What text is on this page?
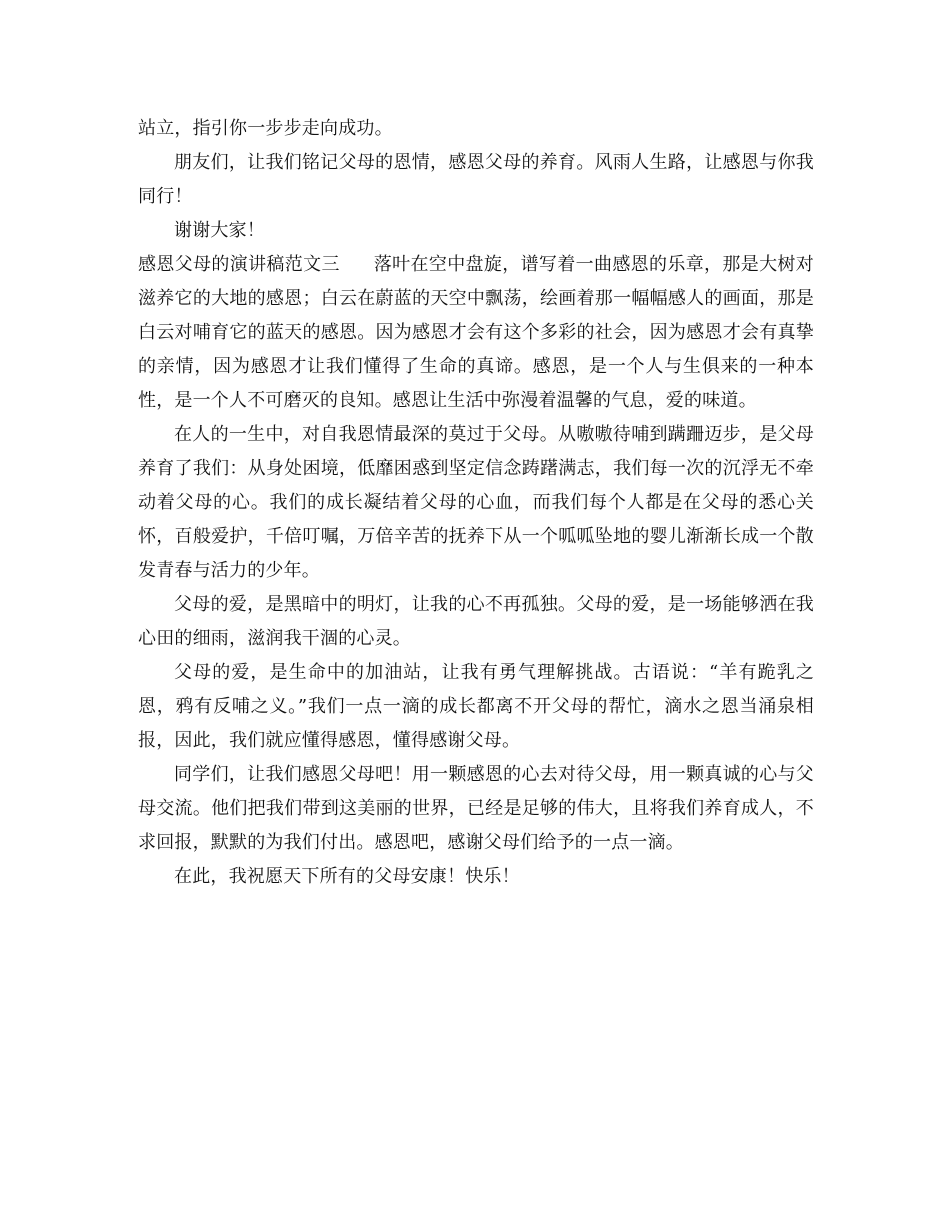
站立，指引你一步步走向成功。

朋友们，让我们铭记父母的恩情，感恩父母的养育。风雨人生路，让感恩与你我同行！

谢谢大家！

感恩父母的演讲稿范文三 落叶在空中盘旋，谱写着一曲感恩的乐章，那是大树对滋养它的大地的感恩；白云在蔚蓝的天空中飘荡，绘画着那一幅幅感人的画面，那是白云对哺育它的蓝天的感恩。因为感恩才会有这个多彩的社会，因为感恩才会有真挚的亲情，因为感恩才让我们懂得了生命的真谛。感恩，是一个人与生俱来的一种本性，是一个人不可磨灭的良知。感恩让生活中弥漫着温馨的气息，爱的味道。

在人的一生中，对自我恩情最深的莫过于父母。从嗷嗷待哺到蹒跚迈步，是父母养育了我们：从身处困境，低靡困惑到坚定信念踌躇满志，我们每一次的沉浮无不牵动着父母的心。我们的成长凝结着父母的心血，而我们每个人都是在父母的悉心关怀，百般爱护，千倍叮嘱，万倍辛苦的抚养下从一个呱呱坠地的婴儿渐渐长成一个散发青春与活力的少年。

父母的爱，是黑暗中的明灯，让我的心不再孤独。父母的爱，是一场能够洒在我心田的细雨，滋润我干涸的心灵。

父母的爱，是生命中的加油站，让我有勇气理解挑战。古语说：“羊有跪乳之恩，鸦有反哺之义。”我们一点一滴的成长都离不开父母的帮忙，滴水之恩当涌泉相报，因此，我们就应懂得感恩，懂得感谢父母。

同学们，让我们感恩父母吧！用一颗感恩的心去对待父母，用一颗真诚的心与父母交流。他们把我们带到这美丽的世界，已经是足够的伟大，且将我们养育成人，不求回报，默默的为我们付出。感恩吧，感谢父母们给予的一点一滴。

在此，我祝愿天下所有的父母安康！快乐！
